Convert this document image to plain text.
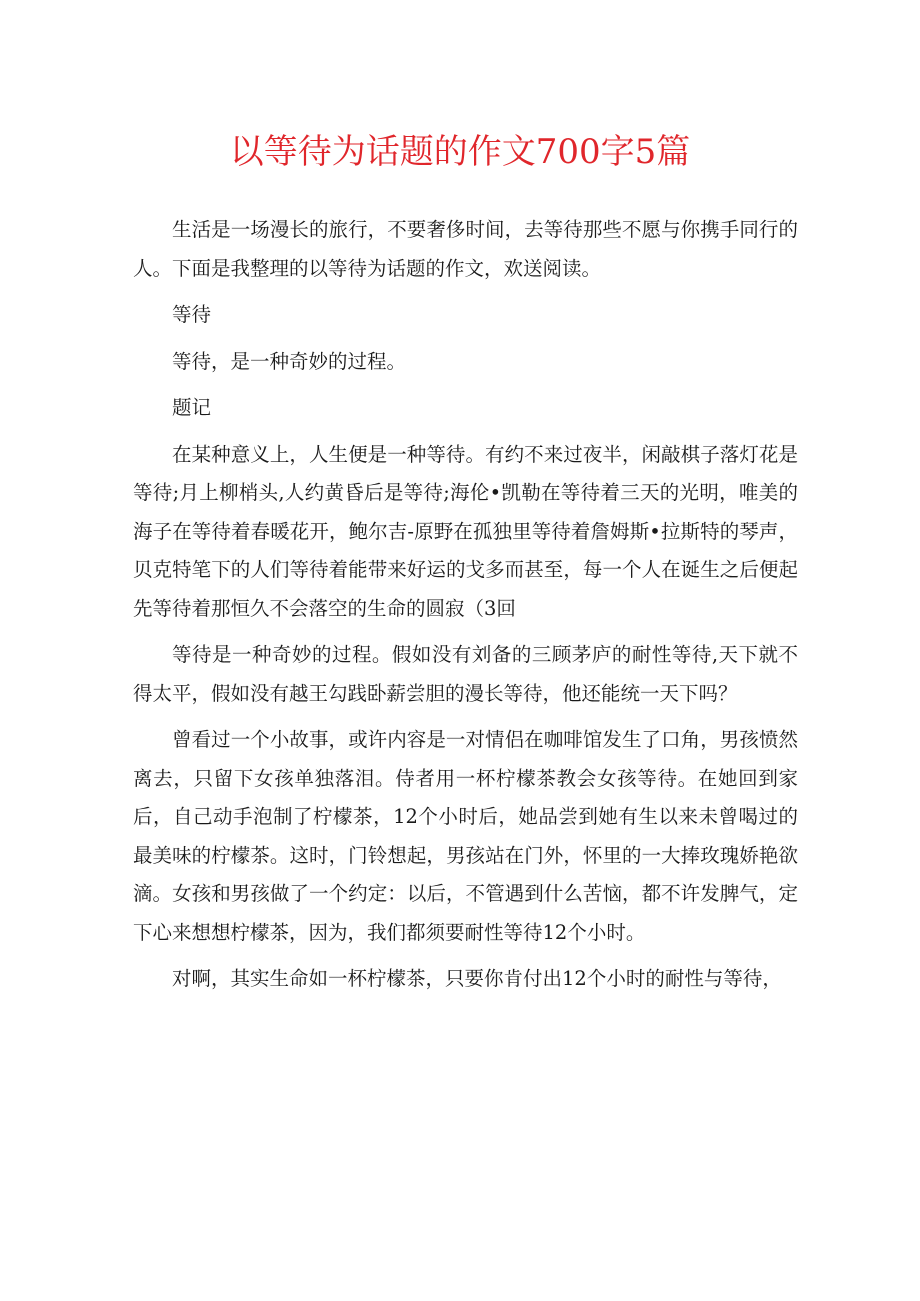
以等待为话题的作文700字5篇

生活是一场漫长的旅行，不要奢侈时间，去等待那些不愿与你携手同行的人。下面是我整理的以等待为话题的作文，欢送阅读。

等待

等待，是一种奇妙的过程。

题记

在某种意义上，人生便是一种等待。有约不来过夜半，闲敲棋子落灯花是等待;月上柳梢头,人约黄昏后是等待;海伦•凯勒在等待着三天的光明，唯美的海子在等待着春暖花开，鲍尔吉-原野在孤独里等待着詹姆斯•拉斯特的琴声，贝克特笔下的人们等待着能带来好运的戈多而甚至，每一个人在诞生之后便起先等待着那恒久不会落空的生命的圆寂（3回

等待是一种奇妙的过程。假如没有刘备的三顾茅庐的耐性等待,天下就不得太平，假如没有越王勾践卧薪尝胆的漫长等待，他还能统一天下吗？

曾看过一个小故事，或许内容是一对情侣在咖啡馆发生了口角，男孩愤然离去，只留下女孩单独落泪。侍者用一杯柠檬茶教会女孩等待。在她回到家后，自己动手泡制了柠檬茶，12个小时后，她品尝到她有生以来未曾喝过的最美味的柠檬茶。这时，门铃想起，男孩站在门外，怀里的一大捧玫瑰娇艳欲滴。女孩和男孩做了一个约定：以后，不管遇到什么苦恼，都不许发脾气，定下心来想想柠檬茶，因为，我们都须要耐性等待12个小时。

对啊，其实生命如一杯柠檬茶，只要你肯付出12个小时的耐性与等待，
